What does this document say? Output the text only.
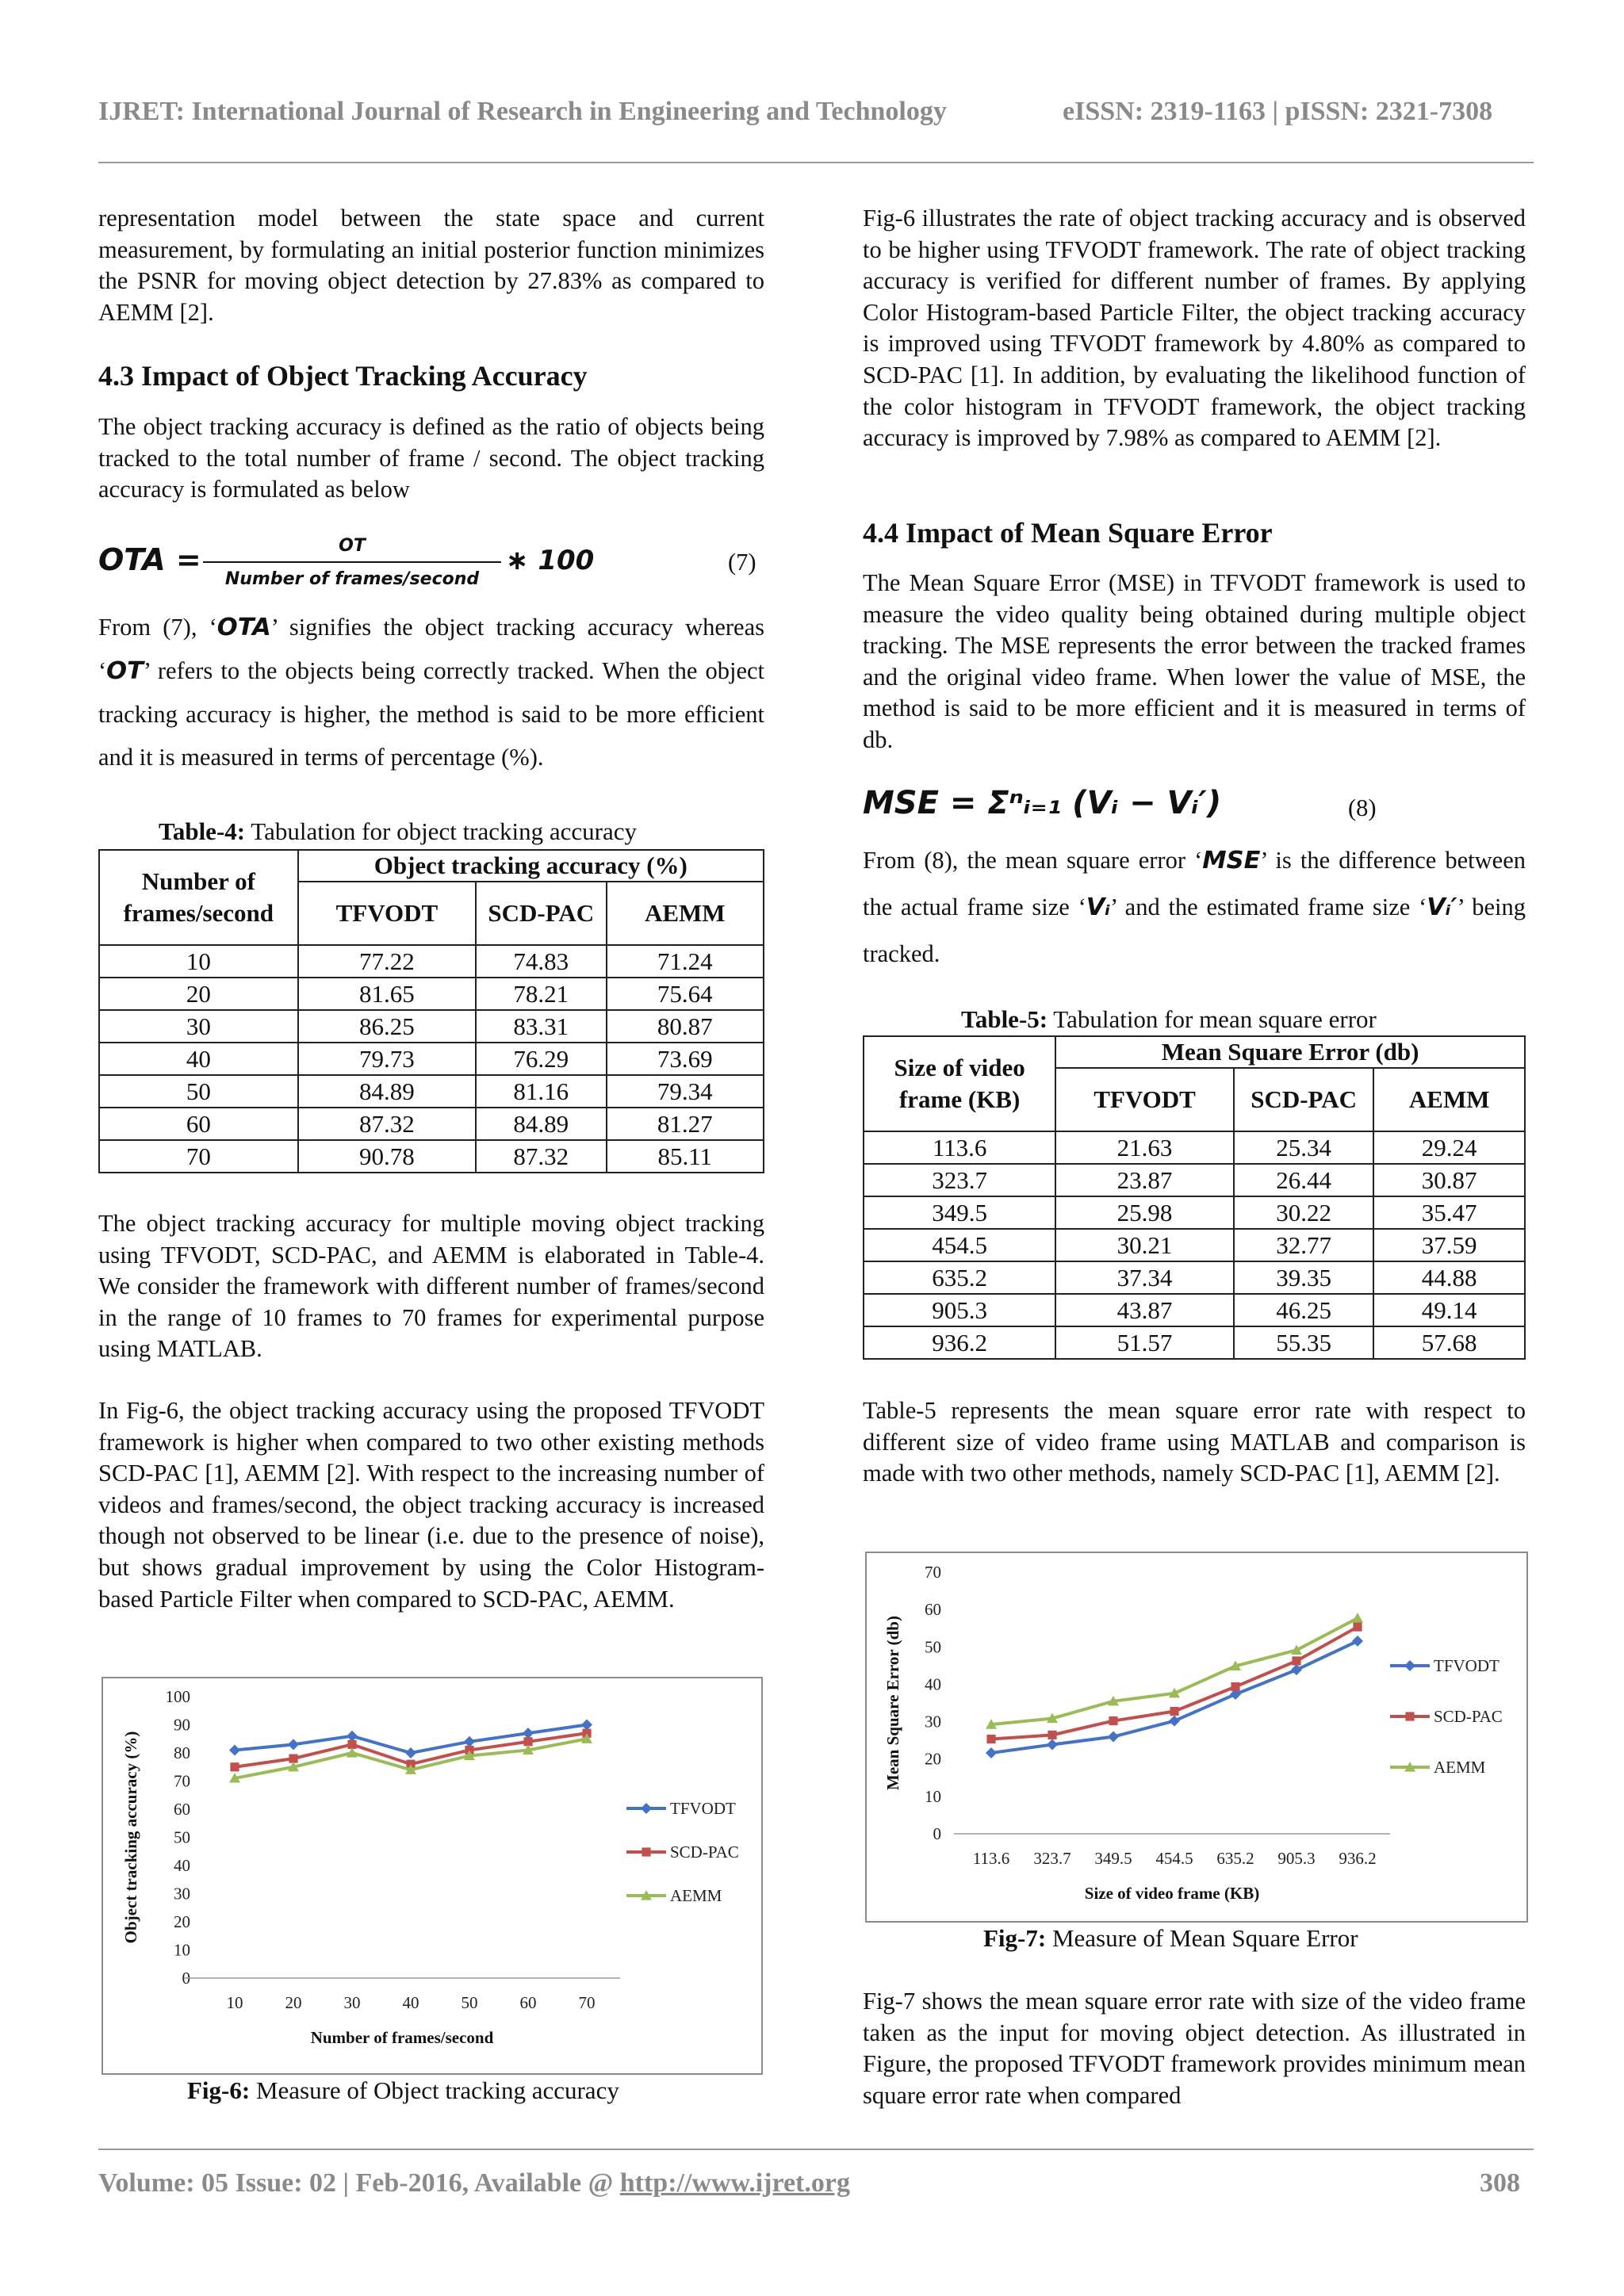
IJRET: International Journal of Research in Engineering and Technology	eISSN: 2319-1163 | pISSN: 2321-7308

representation model between the state space and current measurement, by formulating an initial posterior function minimizes the PSNR for moving object detection by 27.83% as compared to AEMM [2].

4.3 Impact of Object Tracking Accuracy

The object tracking accuracy is defined as the ratio of objects being tracked to the total number of frame / second. The object tracking accuracy is formulated as below

OTA =	OT
Number of frames/second
∗ 100	(7)

From (7), ‘OTA’ signifies the object tracking accuracy whereas ‘OT’ refers to the objects being correctly tracked. When the object tracking accuracy is higher, the method is said to be more efficient and it is measured in terms of percentage (%).

Table-4: Tabulation for object tracking accuracy
Number of frames/second	Object tracking accuracy (%)		
	TFVODT	SCD-PAC	AEMM
10	77.22	74.83	71.24
20	81.65	78.21	75.64
30	86.25	83.31	80.87
40	79.73	76.29	73.69
50	84.89	81.16	79.34
60	87.32	84.89	81.27
70	90.78	87.32	85.11

The object tracking accuracy for multiple moving object tracking using TFVODT, SCD-PAC, and AEMM is elaborated in Table-4. We consider the framework with different number of frames/second in the range of 10 frames to 70 frames for experimental purpose using MATLAB.

In Fig-6, the object tracking accuracy using the proposed TFVODT framework is higher when compared to two other existing methods SCD-PAC [1], AEMM [2]. With respect to the increasing number of videos and frames/second, the object tracking accuracy is increased though not observed to be linear (i.e. due to the presence of noise), but shows gradual improvement by using the Color Histogram-based Particle Filter when compared to SCD-PAC, AEMM.

0
10
20
30
40
50
60
70
80
90
100
10	20	30	40	50	60	70
Number of frames/second
Object tracking accuracy (%)	TFVODT
SCD-PAC
AEMM
Fig-6: Measure of Object tracking accuracy

Fig-6 illustrates the rate of object tracking accuracy and is observed to be higher using TFVODT framework. The rate of object tracking accuracy is verified for different number of frames. By applying Color Histogram-based Particle Filter, the object tracking accuracy is improved using TFVODT framework by 4.80% as compared to SCD-PAC [1]. In addition, by evaluating the likelihood function of the color histogram in TFVODT framework, the object tracking accuracy is improved by 7.98% as compared to AEMM [2].

4.4 Impact of Mean Square Error

The Mean Square Error (MSE) in TFVODT framework is used to measure the video quality being obtained during multiple object tracking. The MSE represents the error between the tracked frames and the original video frame. When lower the value of MSE, the method is said to be more efficient and it is measured in terms of db.

MSE = Σⁿᵢ₌₁ (Vᵢ − Vᵢ′)	(8)

From (8), the mean square error ‘MSE’ is the difference between the actual frame size ‘Vᵢ’ and the estimated frame size ‘Vᵢ′’ being tracked.

Table-5: Tabulation for mean square error
Size of video frame (KB)	Mean Square Error (db)		
	TFVODT	SCD-PAC	AEMM
113.6	21.63	25.34	29.24
323.7	23.87	26.44	30.87
349.5	25.98	30.22	35.47
454.5	30.21	32.77	37.59
635.2	37.34	39.35	44.88
905.3	43.87	46.25	49.14
936.2	51.57	55.35	57.68

Table-5 represents the mean square error rate with respect to different size of video frame using MATLAB and comparison is made with two other methods, namely SCD-PAC [1], AEMM [2].

0
10
20
30
40
50
60
70
113.6 323.7 349.5 454.5 635.2 905.3 936.2
Size of video frame (KB)
Mean Square Error (db)	TFVODT
SCD-PAC
AEMM
Fig-7: Measure of Mean Square Error

Fig-7 shows the mean square error rate with size of the video frame taken as the input for moving object detection. As illustrated in Figure, the proposed TFVODT framework provides minimum mean square error rate when compared

Volume: 05 Issue: 02 | Feb-2016, Available @ http://www.ijret.org	308
